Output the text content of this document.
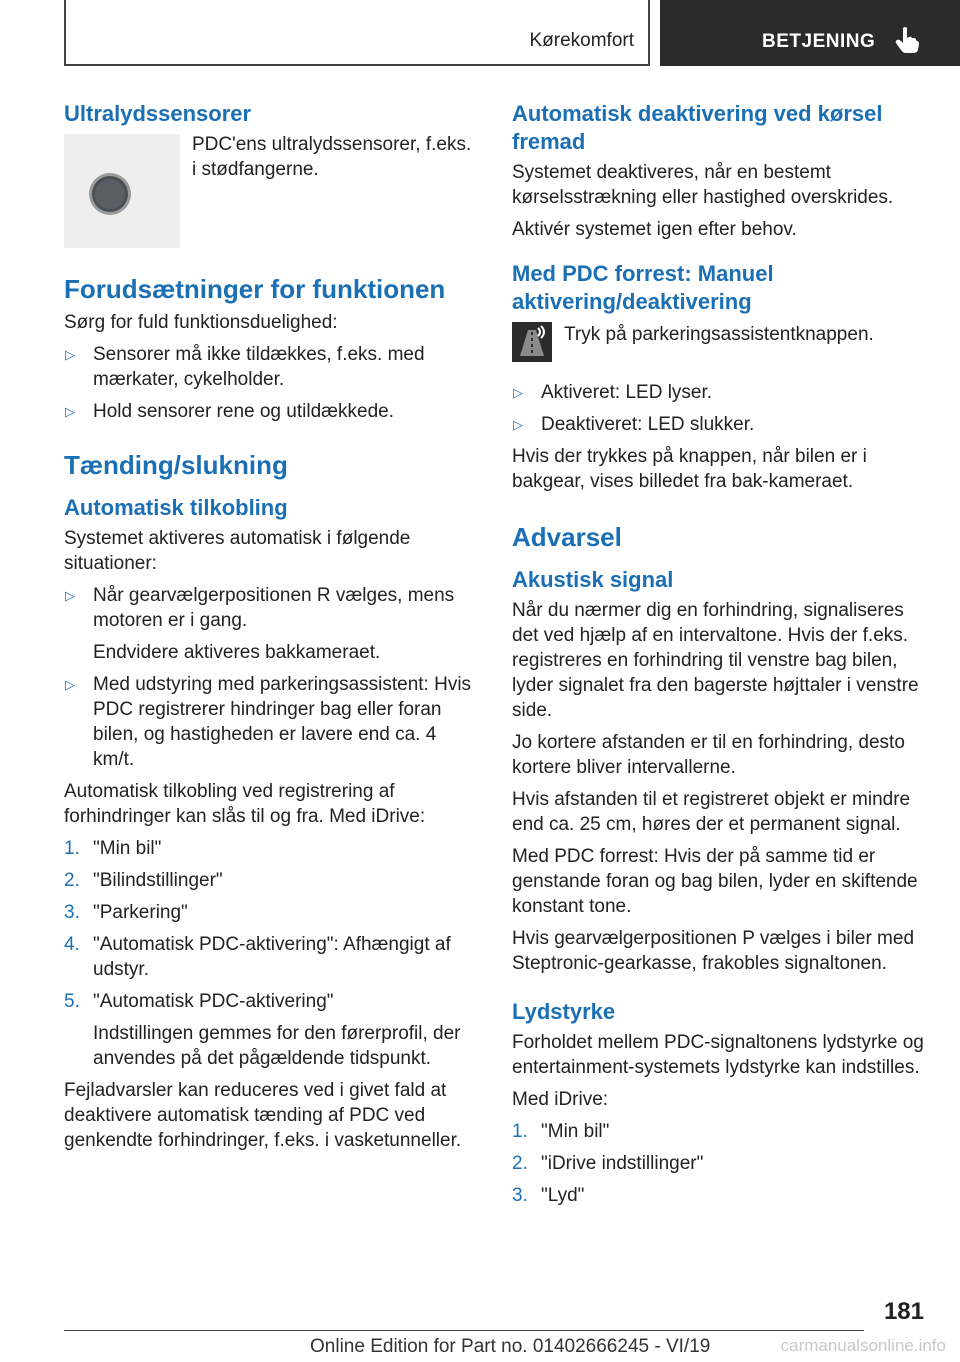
Kørekomfort	BETJENING
Ultralydssensorer
PDC'ens ultralydssensorer, f.eks. i stødfangerne.
Forudsætninger for funktionen

Sørg for fuld funktionsduelighed:

▷ Sensorer må ikke tildækkes, f.eks. med mærkater, cykelholder.
▷ Hold sensorer rene og utildækkede.
Tænding/slukning
Automatisk tilkobling

Systemet aktiveres automatisk i følgende situationer:

▷ Når gearvælgerpositionen R vælges, mens motoren er i gang.
Endvidere aktiveres bakkameraet.
▷ Med udstyring med parkeringsassistent: Hvis PDC registrerer hindringer bag eller foran bilen, og hastigheden er lavere end ca. 4 km/t.

Automatisk tilkobling ved registrering af forhindringer kan slås til og fra. Med iDrive:

1. "Min bil"
2. "Bilindstillinger"
3. "Parkering"
4. "Automatisk PDC-aktivering": Afhængigt af udstyr.
5. "Automatisk PDC-aktivering"
Indstillingen gemmes for den førerprofil, der anvendes på det pågældende tidspunkt.

Fejladvarsler kan reduceres ved i givet fald at deaktivere automatisk tænding af PDC ved genkendte forhindringer, f.eks. i vasketunneller.

Automatisk deaktivering ved kørsel fremad

Systemet deaktiveres, når en bestemt kørselsstrækning eller hastighed overskrides.

Aktivér systemet igen efter behov.

Med PDC forrest: Manuel aktivering/deaktivering
Tryk på parkeringsassistentknappen.
▷ Aktiveret: LED lyser.
▷ Deaktiveret: LED slukker.

Hvis der trykkes på knappen, når bilen er i bakgear, vises billedet fra bak-kameraet.

Advarsel
Akustisk signal

Når du nærmer dig en forhindring, signaliseres det ved hjælp af en intervaltone. Hvis der f.eks. registreres en forhindring til venstre bag bilen, lyder signalet fra den bagerste højttaler i venstre side.

Jo kortere afstanden er til en forhindring, desto kortere bliver intervallerne.

Hvis afstanden til et registreret objekt er mindre end ca. 25 cm, høres der et permanent signal.

Med PDC forrest: Hvis der på samme tid er genstande foran og bag bilen, lyder en skiftende konstant tone.

Hvis gearvælgerpositionen P vælges i biler med Steptronic-gearkasse, frakobles signaltonen.

Lydstyrke

Forholdet mellem PDC-signaltonens lydstyrke og entertainment-systemets lydstyrke kan indstilles.

Med iDrive:

1. "Min bil"
2. "iDrive indstillinger"
3. "Lyd"
181
Online Edition for Part no. 01402666245 - VI/19	carmanualsonline.info
